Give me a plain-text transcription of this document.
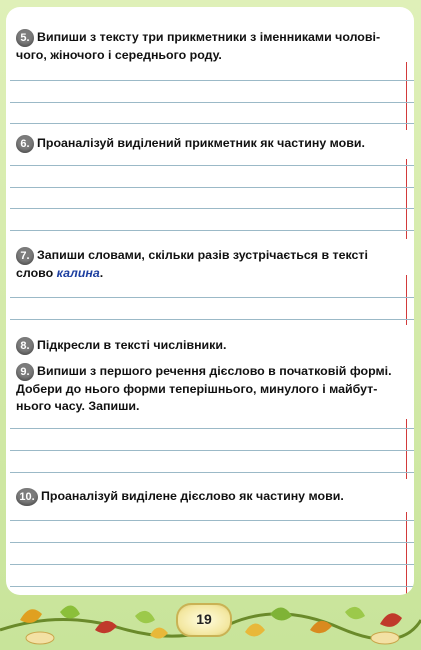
5. Випиши з тексту три прикметники з іменниками чолові-
чого, жіночого і середнього роду.
6. Проаналізуй виділений прикметник як частину мови.
7. Запиши словами, скільки разів зустрічається в тексті
слово калина.
8. Підкресли в тексті числівники.
9. Випиши з першого речення дієслово в початковій формі.
Добери до нього форми теперішнього, минулого і майбут-
нього часу. Запиши.
10. Проаналізуй виділене дієслово як частину мови.
19
